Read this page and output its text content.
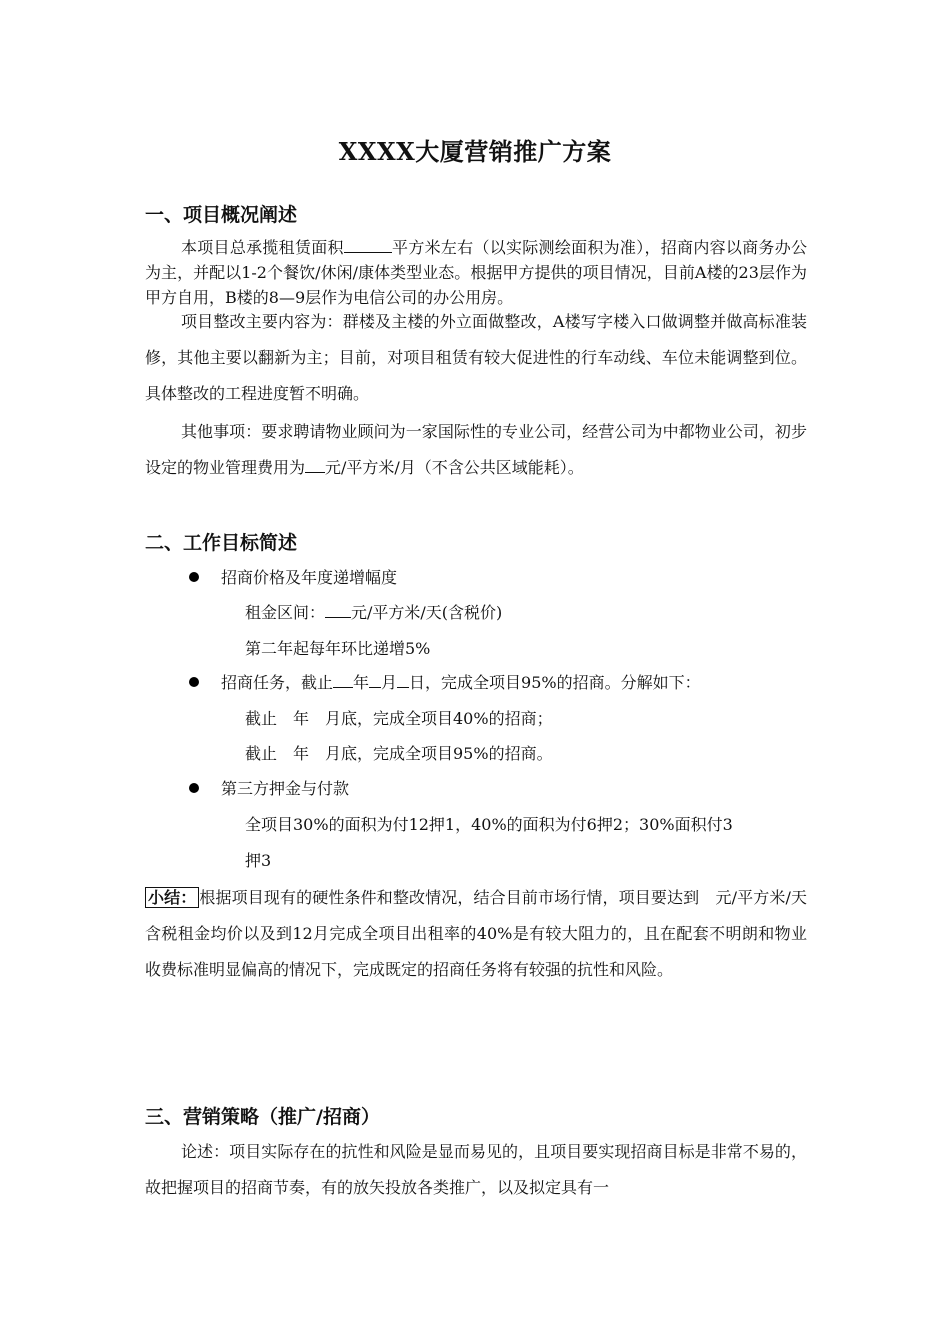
XXXX大厦营销推广方案
一、项目概况阐述
本项目总承揽租赁面积	平方米左右（以实际测绘面积为准），招商内容以商务办公为主，并配以1-2个餐饮/休闲/康体类型业态。根据甲方提供的项目情况，目前A楼的23层作为甲方自用，B楼的8—9层作为电信公司的办公用房。
项目整改主要内容为：群楼及主楼的外立面做整改，A楼写字楼入口做调整并做高标准装修，其他主要以翻新为主；目前，对项目租赁有较大促进性的行车动线、车位未能调整到位。具体整改的工程进度暂不明确。
其他事项：要求聘请物业顾问为一家国际性的专业公司，经营公司为中都物业公司，初步设定的物业管理费用为 元/平方米/月（不含公共区域能耗）。
二、工作目标简述
招商价格及年度递增幅度
租金区间： 元/平方米/天(含税价)
第二年起每年环比递增5%
招商任务，截止 年 月 日，完成全项目95%的招商。分解如下：
截止　年　月底，完成全项目40%的招商；
截止　年　月底，完成全项目95%的招商。
第三方押金与付款
全项目30%的面积为付12押1，40%的面积为付6押2；30%面积付3
押3
小结： 根据项目现有的硬性条件和整改情况，结合目前市场行情，项目要达到　元/平方米/天含税租金均价以及到12月完成全项目出租率的40%是有较大阻力的，且在配套不明朗和物业收费标准明显偏高的情况下，完成既定的招商任务将有较强的抗性和风险。
三、营销策略（推广/招商）
论述：项目实际存在的抗性和风险是显而易见的，且项目要实现招商目标是非常不易的，故把握项目的招商节奏，有的放矢投放各类推广，以及拟定具有一
